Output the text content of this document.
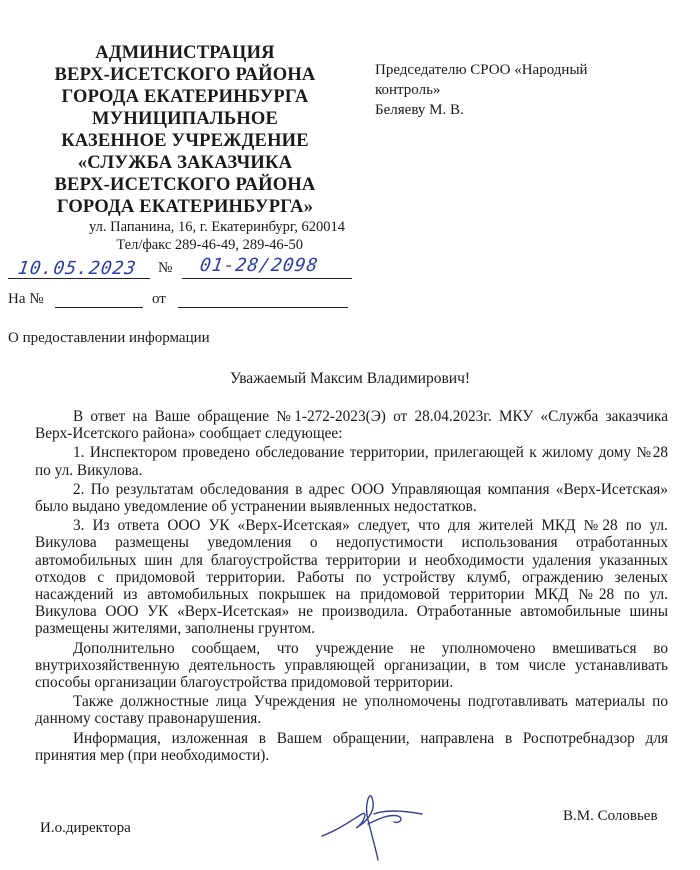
АДМИНИСТРАЦИЯ
ВЕРХ-ИСЕТСКОГО РАЙОНА
ГОРОДА ЕКАТЕРИНБУРГА
МУНИЦИПАЛЬНОЕ
КАЗЕННОЕ УЧРЕЖДЕНИЕ
«СЛУЖБА ЗАКАЗЧИКА
ВЕРХ-ИСЕТСКОГО РАЙОНА
ГОРОДА ЕКАТЕРИНБУРГА»
ул. Папанина, 16, г. Екатеринбург, 620014
Тел/факс 289-46-49, 289-46-50
Председателю СРОО «Народный
контроль»
Беляеву М. В.
10.05.2023 № 01-28/2098
На №	от
О предоставлении информации
Уважаемый Максим Владимирович!

В ответ на Ваше обращение №1-272-2023(Э) от 28.04.2023г. МКУ «Служба заказчика Верх-Исетского района» сообщает следующее:

1. Инспектором проведено обследование территории, прилегающей к жилому дому №28 по ул. Викулова.

2. По результатам обследования в адрес ООО Управляющая компания «Верх-Исетская» было выдано уведомление об устранении выявленных недостатков.

3. Из ответа ООО УК «Верх-Исетская» следует, что для жителей МКД №28 по ул. Викулова размещены уведомления о недопустимости использования отработанных автомобильных шин для благоустройства территории и необходимости удаления указанных отходов с придомовой территории. Работы по устройству клумб, ограждению зеленых насаждений из автомобильных покрышек на придомовой территории МКД №28 по ул. Викулова ООО УК «Верх-Исетская» не производила. Отработанные автомобильные шины размещены жителями, заполнены грунтом.

Дополнительно сообщаем, что учреждение не уполномочено вмешиваться во внутрихозяйственную деятельность управляющей организации, в том числе устанавливать способы организации благоустройства придомовой территории.

Также должностные лица Учреждения не уполномочены подготавливать материалы по данному составу правонарушения.

Информация, изложенная в Вашем обращении, направлена в Роспотребнадзор для принятия мер (при необходимости).

И.о.директора
В.М. Соловьев
